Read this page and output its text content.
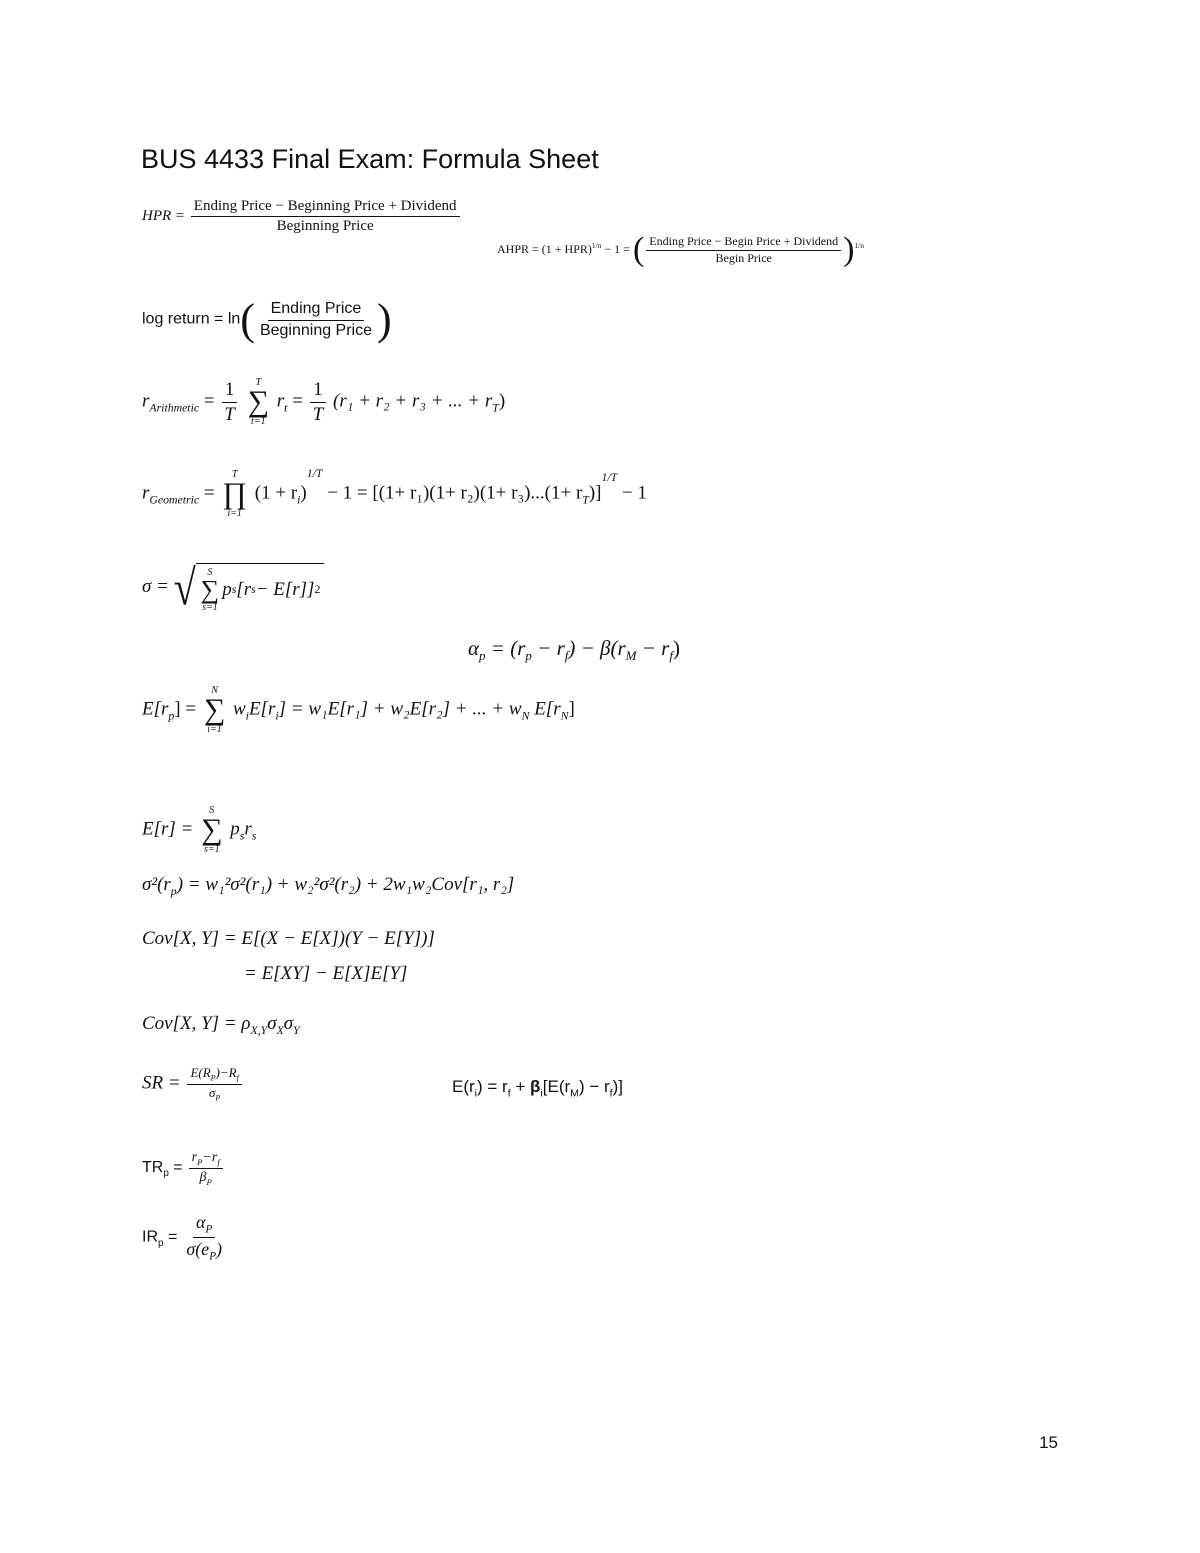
BUS 4433 Final Exam: Formula Sheet
HPR = $\frac{\text{Ending Price − Beginning Price + Dividend}}{\text{Beginning Price}}$
AHPR = (1 + HPR)$^{1/n}$ − 1 = ( $\frac{\text{Ending Price − Begin Price + Dividend}}{\text{Begin Price}} )^{1/n}$
log return = $\ln( \frac{\text{Ending Price}}{\text{Beginning Price}}$ )
$r_{Arithmetic} = \frac{1}{T}$
T
∑
t=1
$r_t = \frac{1}{T} (r_1 + r_2 + r_3$ + ... + $r_T$)
$r_{Geometric}$ =
T
∏
i=1
$(1 + r_i)^{1/T} - 1 = [(1+ r_1)(1+ r_2)(1+ r_3)...(1+ r_T)]^{1/T} - 1$
σ = √ S
∑
s=1
p s [r s − E[r]] 2
$\alpha_p = (r_p - r_f) - \beta(r_M - r_f)$
$E[r_p]$ =
N
∑
i=1
$w_iE[r_i] = w_1E[r_1] + w_2E[r_2]$ + ... + $w_N$ $E[r_N]$
E[r] =
S
∑
s=1
$p_sr_s$
$\sigma^2(r_p) = w_1^2\sigma^2(r_1) + w_2^2\sigma^2(r_2) + 2w_1w_2Cov[r_1$, r₂]
Cov[X, Y] = E[(X − E[X])(Y − E[Y])]
= E[XY] − E[X]E[Y]
Cov[X, $Y] = \rho_{X,Y}\sigma_X\sigma_Y$
SR = $\frac{E(R_P)-R_f}{\sigma_P}$	$E(r_i) = r_f + \beta_i[E(r_M) - r_f)$]
$TR_p = \frac{r_P-r_f}{\beta_P}$
$IR_p = \frac{\alpha_P}{\sigma(e_P)}$
15
